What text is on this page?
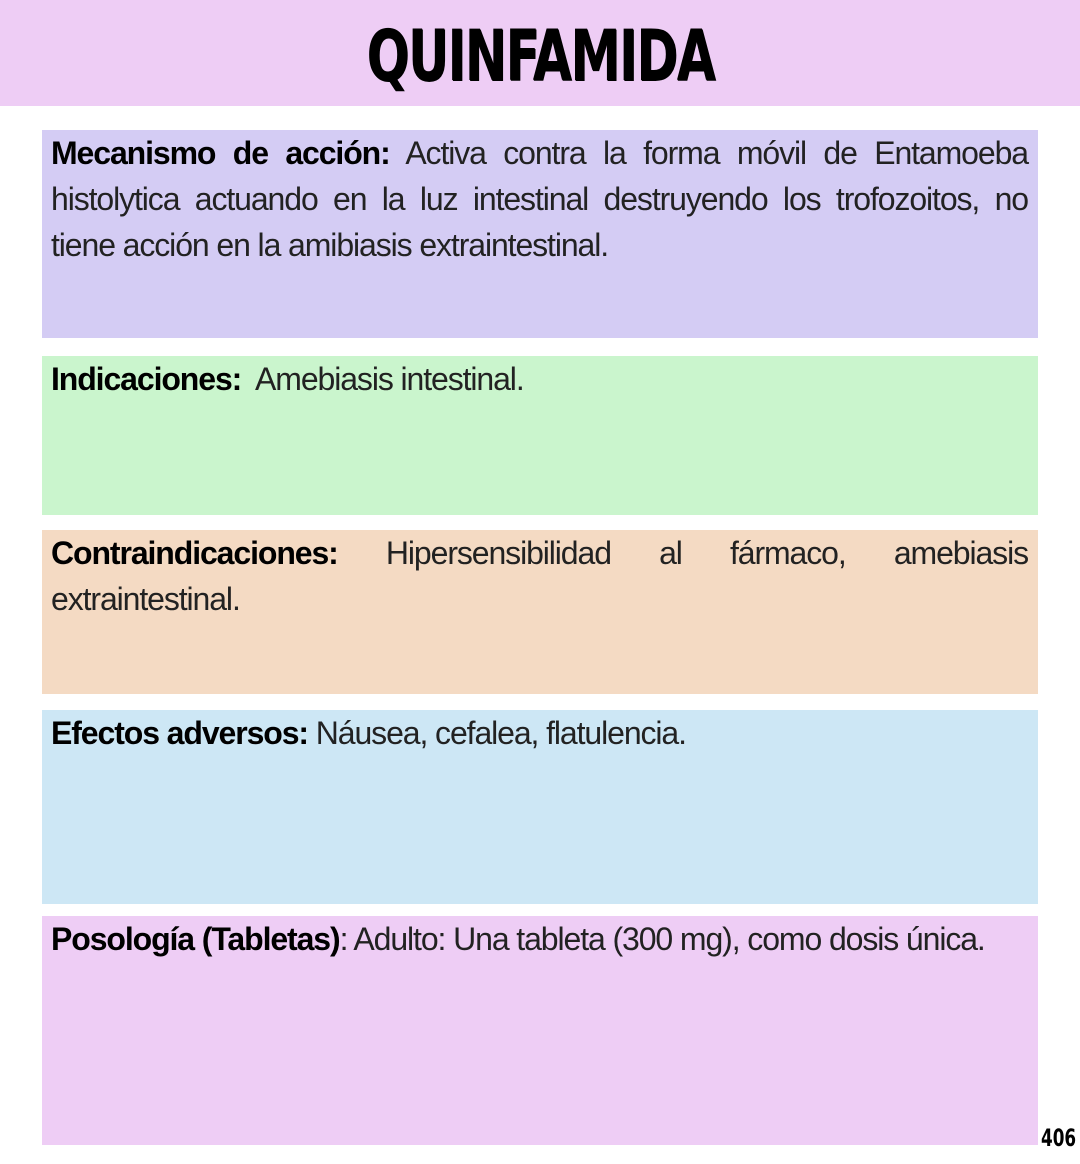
QUINFAMIDA

Mecanismo de acción: Activa contra la forma móvil de Entamoeba histolytica actuando en la luz intestinal destruyendo los trofozoitos, no tiene acción en la amibiasis extraintestinal.

Indicaciones:  Amebiasis intestinal.

Contraindicaciones: Hipersensibilidad al fármaco, amebiasis extraintestinal.

Efectos adversos: Náusea, cefalea, flatulencia.

Posología (Tabletas): Adulto: Una tableta (300 mg), como dosis única.

406
